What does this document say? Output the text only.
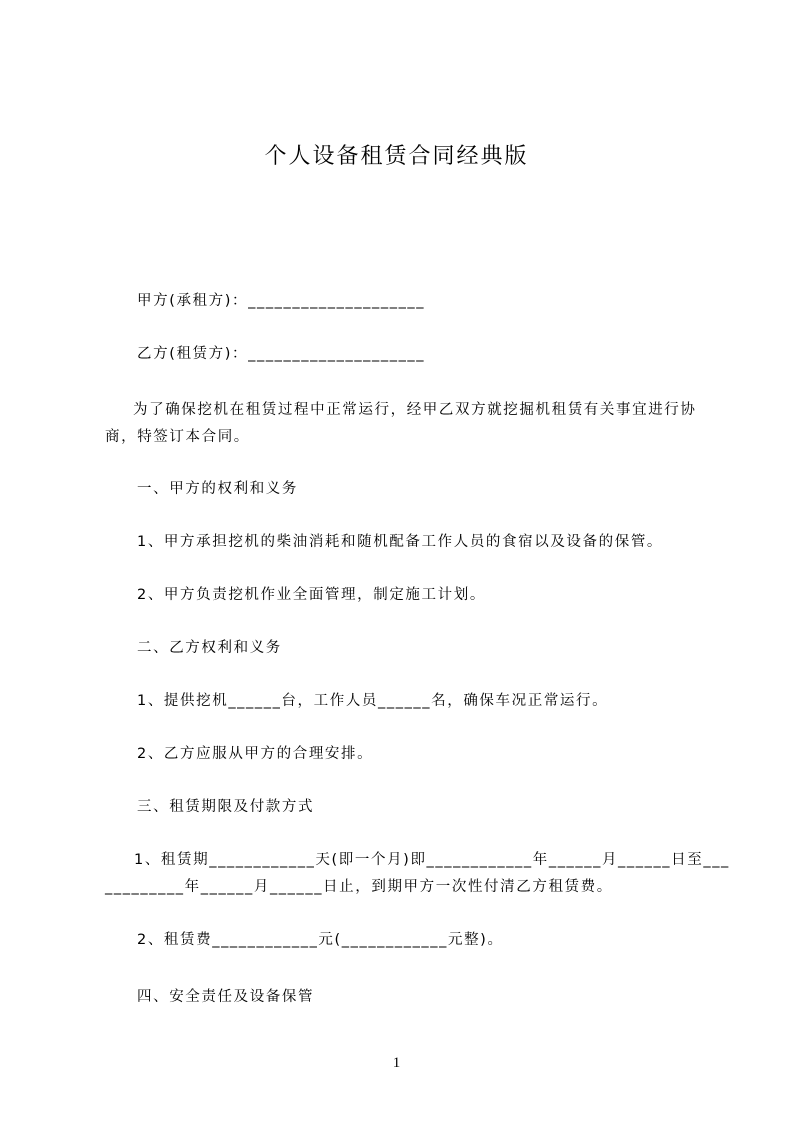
个人设备租赁合同经典版
甲方(承租方)：____________________
乙方(租赁方)：____________________
为了确保挖机在租赁过程中正常运行，经甲乙双方就挖掘机租赁有关事宜进行协
商，特签订本合同。
一、甲方的权利和义务
1、甲方承担挖机的柴油消耗和随机配备工作人员的食宿以及设备的保管。
2、甲方负责挖机作业全面管理，制定施工计划。
二、乙方权利和义务
1、提供挖机______台，工作人员______名，确保车况正常运行。
2、乙方应服从甲方的合理安排。
三、租赁期限及付款方式
1、租赁期____________天(即一个月)即____________年______月______日至___
_________年______月______日止，到期甲方一次性付清乙方租赁费。
2、租赁费____________元(____________元整)。
四、安全责任及设备保管
1
